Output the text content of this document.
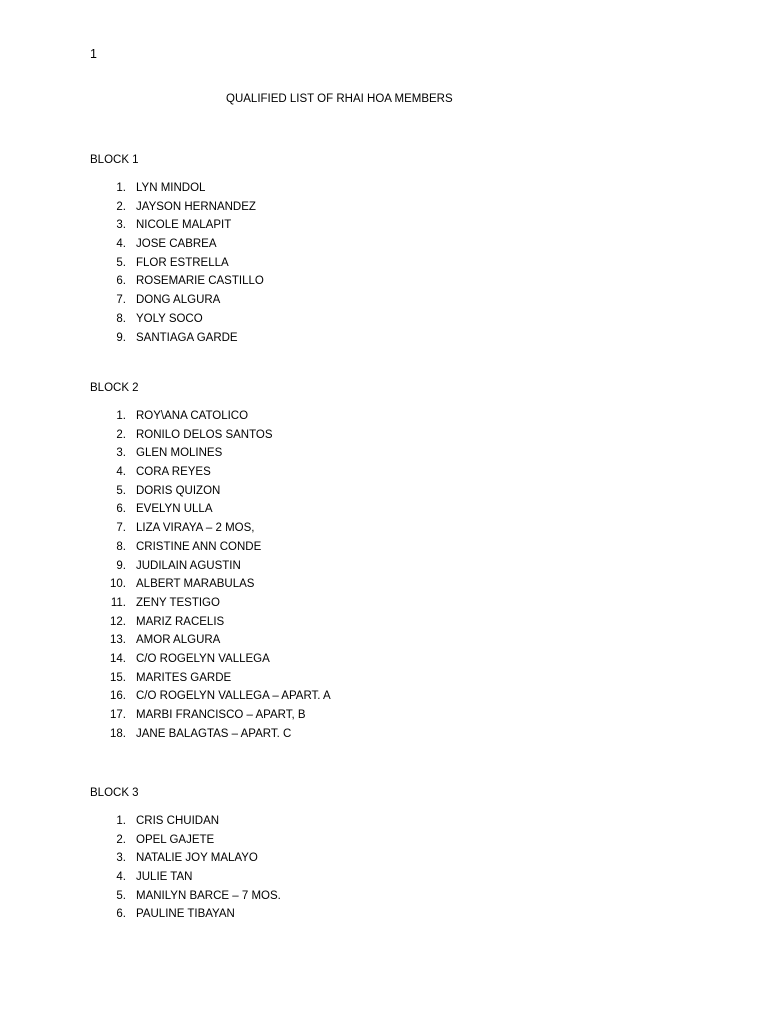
1
QUALIFIED LIST OF RHAI HOA MEMBERS
BLOCK 1
1. LYN MINDOL
2. JAYSON HERNANDEZ
3. NICOLE MALAPIT
4. JOSE CABREA
5. FLOR ESTRELLA
6. ROSEMARIE CASTILLO
7. DONG ALGURA
8. YOLY SOCO
9. SANTIAGA GARDE
BLOCK 2
1. ROY\ANA CATOLICO
2. RONILO DELOS SANTOS
3. GLEN MOLINES
4. CORA REYES
5. DORIS QUIZON
6. EVELYN ULLA
7. LIZA VIRAYA – 2 MOS,
8. CRISTINE ANN CONDE
9. JUDILAIN AGUSTIN
10. ALBERT MARABULAS
11. ZENY TESTIGO
12. MARIZ RACELIS
13. AMOR ALGURA
14. C/O ROGELYN VALLEGA
15. MARITES GARDE
16. C/O ROGELYN VALLEGA – APART. A
17. MARBI FRANCISCO – APART, B
18. JANE BALAGTAS – APART. C
BLOCK 3
1. CRIS CHUIDAN
2. OPEL GAJETE
3. NATALIE JOY MALAYO
4. JULIE TAN
5. MANILYN BARCE – 7 MOS.
6. PAULINE TIBAYAN
